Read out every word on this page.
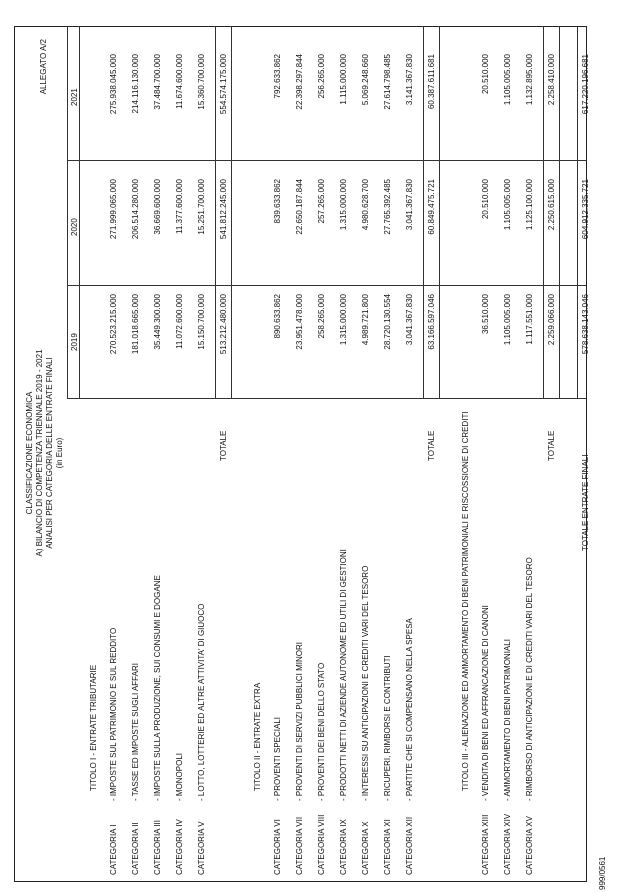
999/0561
CLASSIFICAZIONE ECONOMICA A) BILANCIO DI COMPETENZA TRIENNALE 2019 - 2021 ANALISI PER CATEGORIA DELLE ENTRATE FINALI (in Euro)
ALLEGATO A/2
2019
2020
2021
TITOLO I - ENTRATE TRIBUTARIE
CATEGORIA I
- IMPOSTE SUL PATRIMONIO E SUL REDDITO
270.523.215.000
271.999.065.000
275.938.045.000
CATEGORIA II
- TASSE ED IMPOSTE SUGLI AFFARI
181.018.665.000
206.514.280.000
214.116.130.000
CATEGORIA III
- IMPOSTE SULLA PRODUZIONE, SUI CONSUMI E DOGANE
35.449.300.000
36.669.600.000
37.484.700.000
CATEGORIA IV
- MONOPOLI
11.072.600.000
11.377.600.000
11.674.600.000
CATEGORIA V
- LOTTO, LOTTERIE ED ALTRE ATTIVITA' DI GIUOCO
15.150.700.000
15.251.700.000
15.360.700.000
TOTALE
513.212.480.000
541.812.245.000
554.574.175.000
TITOLO II - ENTRATE EXTRA
CATEGORIA VI
- PROVENTI SPECIALI
890.633.862
839.633.862
792.633.862
CATEGORIA VII
- PROVENTI DI SERVIZI PUBBLICI MINORI
23.951.478.000
22.650.187.844
22.398.297.844
CATEGORIA VIII
- PROVENTI DEI BENI DELLO STATO
258.265.000
257.265.000
256.265.000
CATEGORIA IX
- PRODOTTI NETTI DI AZIENDE AUTONOME ED UTILI DI GESTIONI
1.315.000.000
1.315.000.000
1.115.000.000
CATEGORIA X
- INTERESSI SU ANTICIPAZIONI E CREDITI VARI DEL TESORO
4.989.721.800
4.980.628.700
5.069.248.660
CATEGORIA XI
- RICUPERI, RIMBORSI E CONTRIBUTI
28.720.130.554
27.765.392.485
27.614.798.485
CATEGORIA XII
- PARTITE CHE SI COMPENSANO NELLA SPESA
3.041.367.830
3.041.367.830
3.141.367.830
TOTALE
63.166.597.046
60.849.475.721
60.387.611.681
TITOLO III - ALIENAZIONE ED AMMORTAMENTO DI BENI PATRIMONIALI E RISCOSSIONE DI CREDITI
CATEGORIA XIII
- VENDITA DI BENI ED AFFRANCAZIONE DI CANONI
36.510.000
20.510.000
20.510.000
CATEGORIA XIV
- AMMORTAMENTO DI BENI PATRIMONIALI
1.105.005.000
1.105.005.000
1.105.005.000
CATEGORIA XV
- RIMBORSO DI ANTICIPAZIONI E DI CREDITI VARI DEL TESORO
1.117.551.000
1.125.100.000
1.132.895.000
TOTALE
2.259.066.000
2.250.615.000
2.258.410.000
TOTALE ENTRATE FINALI
578.638.143.046
604.912.335.721
617.220.196.681
